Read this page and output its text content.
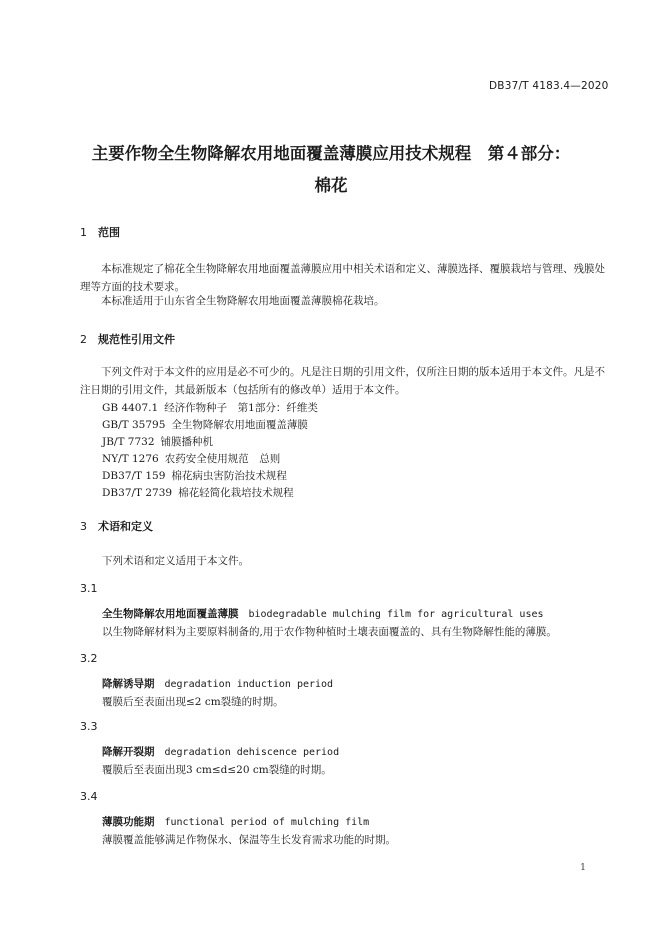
DB37/T 4183.4—2020
主要作物全生物降解农用地面覆盖薄膜应用技术规程　第４部分：
棉花
1 范围
本标准规定了棉花全生物降解农用地面覆盖薄膜应用中相关术语和定义、薄膜选择、覆膜栽培与管理、残膜处理等方面的技术要求。
本标准适用于山东省全生物降解农用地面覆盖薄膜棉花栽培。
2 规范性引用文件
下列文件对于本文件的应用是必不可少的。凡是注日期的引用文件，仅所注日期的版本适用于本文件。凡是不注日期的引用文件，其最新版本（包括所有的修改单）适用于本文件。
GB 4407.1 经济作物种子　第1部分：纤维类
GB/T 35795 全生物降解农用地面覆盖薄膜
JB/T 7732 铺膜播种机
NY/T 1276 农药安全使用规范　总则
DB37/T 159 棉花病虫害防治技术规程
DB37/T 2739 棉花轻简化栽培技术规程
3 术语和定义
下列术语和定义适用于本文件。
3.1
全生物降解农用地面覆盖薄膜 biodegradable mulching film for agricultural uses
以生物降解材料为主要原料制备的,用于农作物种植时土壤表面覆盖的、具有生物降解性能的薄膜。
3.2
降解诱导期 degradation induction period
覆膜后至表面出现≤2 cm裂缝的时期。
3.3
降解开裂期 degradation dehiscence period
覆膜后至表面出现3 cm≤d≤20 cm裂缝的时期。
3.4
薄膜功能期 functional period of mulching film
薄膜覆盖能够满足作物保水、保温等生长发育需求功能的时期。
1
